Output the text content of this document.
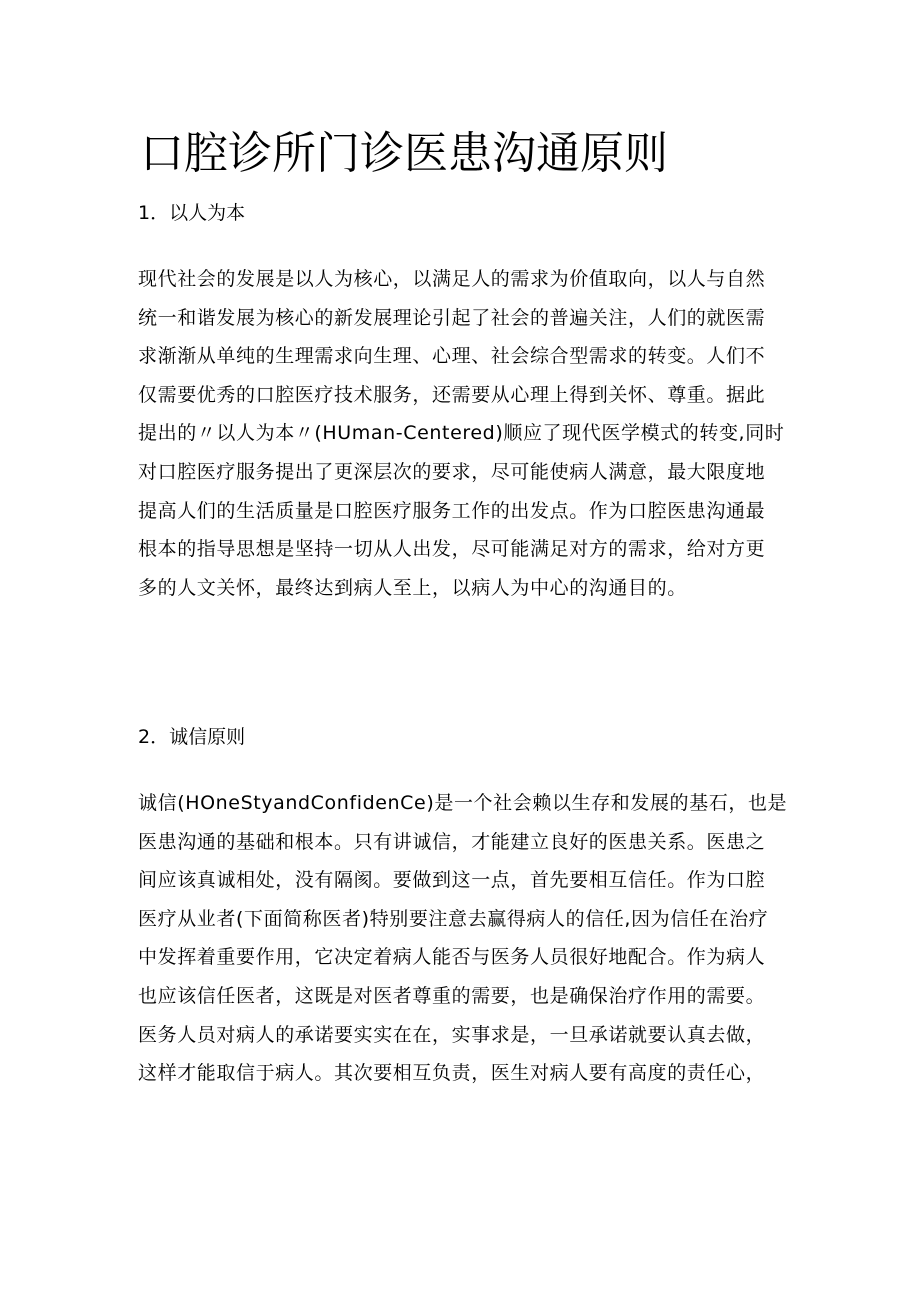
口腔诊所门诊医患沟通原则

1．以人为本

现代社会的发展是以人为核心，以满足人的需求为价值取向，以人与自然
统一和谐发展为核心的新发展理论引起了社会的普遍关注，人们的就医需
求渐渐从单纯的生理需求向生理、心理、社会综合型需求的转变。人们不
仅需要优秀的口腔医疗技术服务，还需要从心理上得到关怀、尊重。据此
提出的〃以人为本〃(HUman-Centered)顺应了现代医学模式的转变,同时
对口腔医疗服务提出了更深层次的要求，尽可能使病人满意，最大限度地
提高人们的生活质量是口腔医疗服务工作的出发点。作为口腔医患沟通最
根本的指导思想是坚持一切从人出发，尽可能满足对方的需求，给对方更
多的人文关怀，最终达到病人至上，以病人为中心的沟通目的。

2．诚信原则

诚信(HOneStyandConfidenCe)是一个社会赖以生存和发展的基石，也是
医患沟通的基础和根本。只有讲诚信，才能建立良好的医患关系。医患之
间应该真诚相处，没有隔阂。要做到这一点，首先要相互信任。作为口腔
医疗从业者(下面简称医者)特别要注意去赢得病人的信任,因为信任在治疗
中发挥着重要作用，它决定着病人能否与医务人员很好地配合。作为病人
也应该信任医者，这既是对医者尊重的需要，也是确保治疗作用的需要。
医务人员对病人的承诺要实实在在，实事求是，一旦承诺就要认真去做，
这样才能取信于病人。其次要相互负责，医生对病人要有高度的责任心，
